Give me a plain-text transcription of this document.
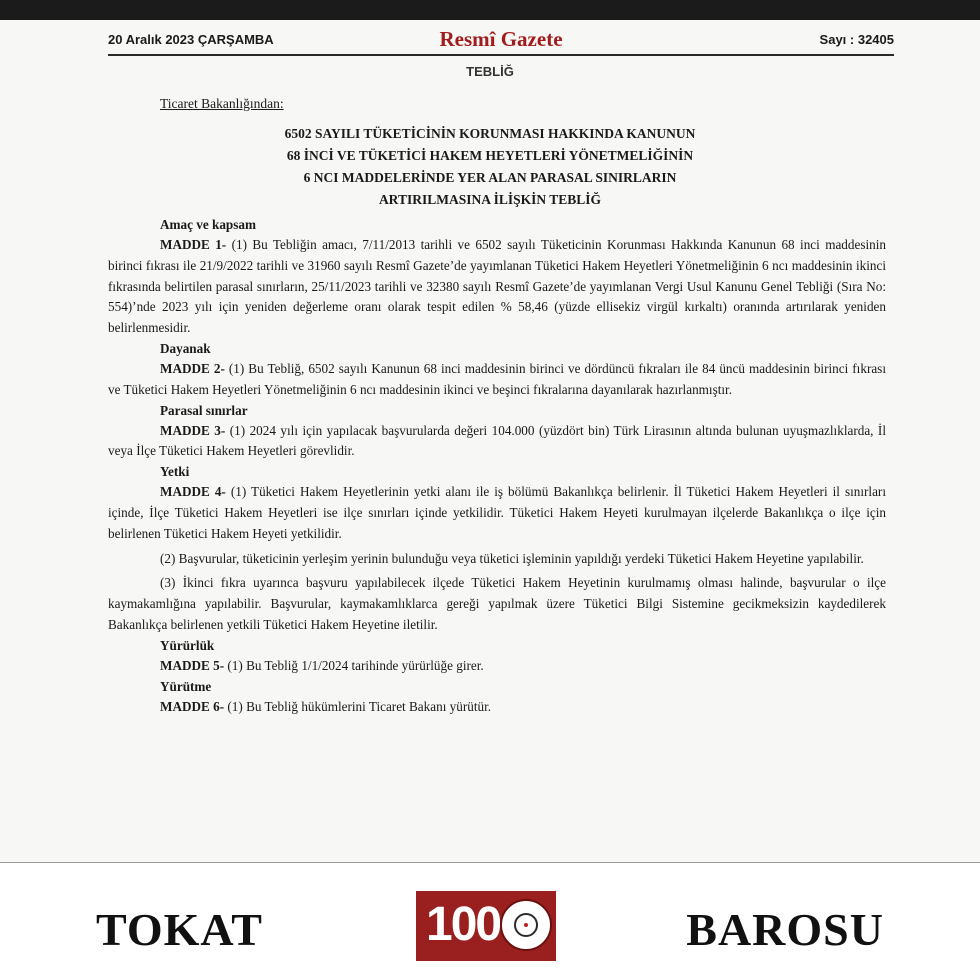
20 Aralık 2023 ÇARŞAMBA	Resmî Gazete	Sayı : 32405
TEBLİĞ
Ticaret Bakanlığından:
6502 SAYILI TÜKETİCİNİN KORUNMASI HAKKINDA KANUNUN
68 İNCİ VE TÜKETİCİ HAKEM HEYETLERİ YÖNETMELİĞİNİN
6 NCI MADDELERİNDE YER ALAN PARASAL SINIRLARIN
ARTIRILMASINA İLİŞKİN TEBLİĞ
Amaç ve kapsam

MADDE 1- (1) Bu Tebliğin amacı, 7/11/2013 tarihli ve 6502 sayılı Tüketicinin Korunması Hakkında Kanunun 68 inci maddesinin birinci fıkrası ile 21/9/2022 tarihli ve 31960 sayılı Resmî Gazete’de yayımlanan Tüketici Hakem Heyetleri Yönetmeliğinin 6 ncı maddesinin ikinci fıkrasında belirtilen parasal sınırların, 25/11/2023 tarihli ve 32380 sayılı Resmî Gazete’de yayımlanan Vergi Usul Kanunu Genel Tebliği (Sıra No: 554)’nde 2023 yılı için yeniden değerleme oranı olarak tespit edilen % 58,46 (yüzde ellisekiz virgül kırkaltı) oranında artırılarak yeniden belirlenmesidir.

Dayanak

MADDE 2- (1) Bu Tebliğ, 6502 sayılı Kanunun 68 inci maddesinin birinci ve dördüncü fıkraları ile 84 üncü maddesinin birinci fıkrası ve Tüketici Hakem Heyetleri Yönetmeliğinin 6 ncı maddesinin ikinci ve beşinci fıkralarına dayanılarak hazırlanmıştır.

Parasal sınırlar

MADDE 3- (1) 2024 yılı için yapılacak başvurularda değeri 104.000 (yüzdört bin) Türk Lirasının altında bulunan uyuşmazlıklarda, İl veya İlçe Tüketici Hakem Heyetleri görevlidir.

Yetki

MADDE 4- (1) Tüketici Hakem Heyetlerinin yetki alanı ile iş bölümü Bakanlıkça belirlenir. İl Tüketici Hakem Heyetleri il sınırları içinde, İlçe Tüketici Hakem Heyetleri ise ilçe sınırları içinde yetkilidir. Tüketici Hakem Heyeti kurulmayan ilçelerde Bakanlıkça o ilçe için belirlenen Tüketici Hakem Heyeti yetkilidir.

(2) Başvurular, tüketicinin yerleşim yerinin bulunduğu veya tüketici işleminin yapıldığı yerdeki Tüketici Hakem Heyetine yapılabilir.

(3) İkinci fıkra uyarınca başvuru yapılabilecek ilçede Tüketici Hakem Heyetinin kurulmamış olması halinde, başvurular o ilçe kaymakamlığına yapılabilir. Başvurular, kaymakamlıklarca gereği yapılmak üzere Tüketici Bilgi Sistemine gecikmeksizin kaydedilerek Bakanlıkça belirlenen yetkili Tüketici Hakem Heyetine iletilir.

Yürürlük

MADDE 5- (1) Bu Tebliğ 1/1/2024 tarihinde yürürlüğe girer.

Yürütme

MADDE 6- (1) Bu Tebliğ hükümlerini Ticaret Bakanı yürütür.

TOKAT	100	BAROSU
